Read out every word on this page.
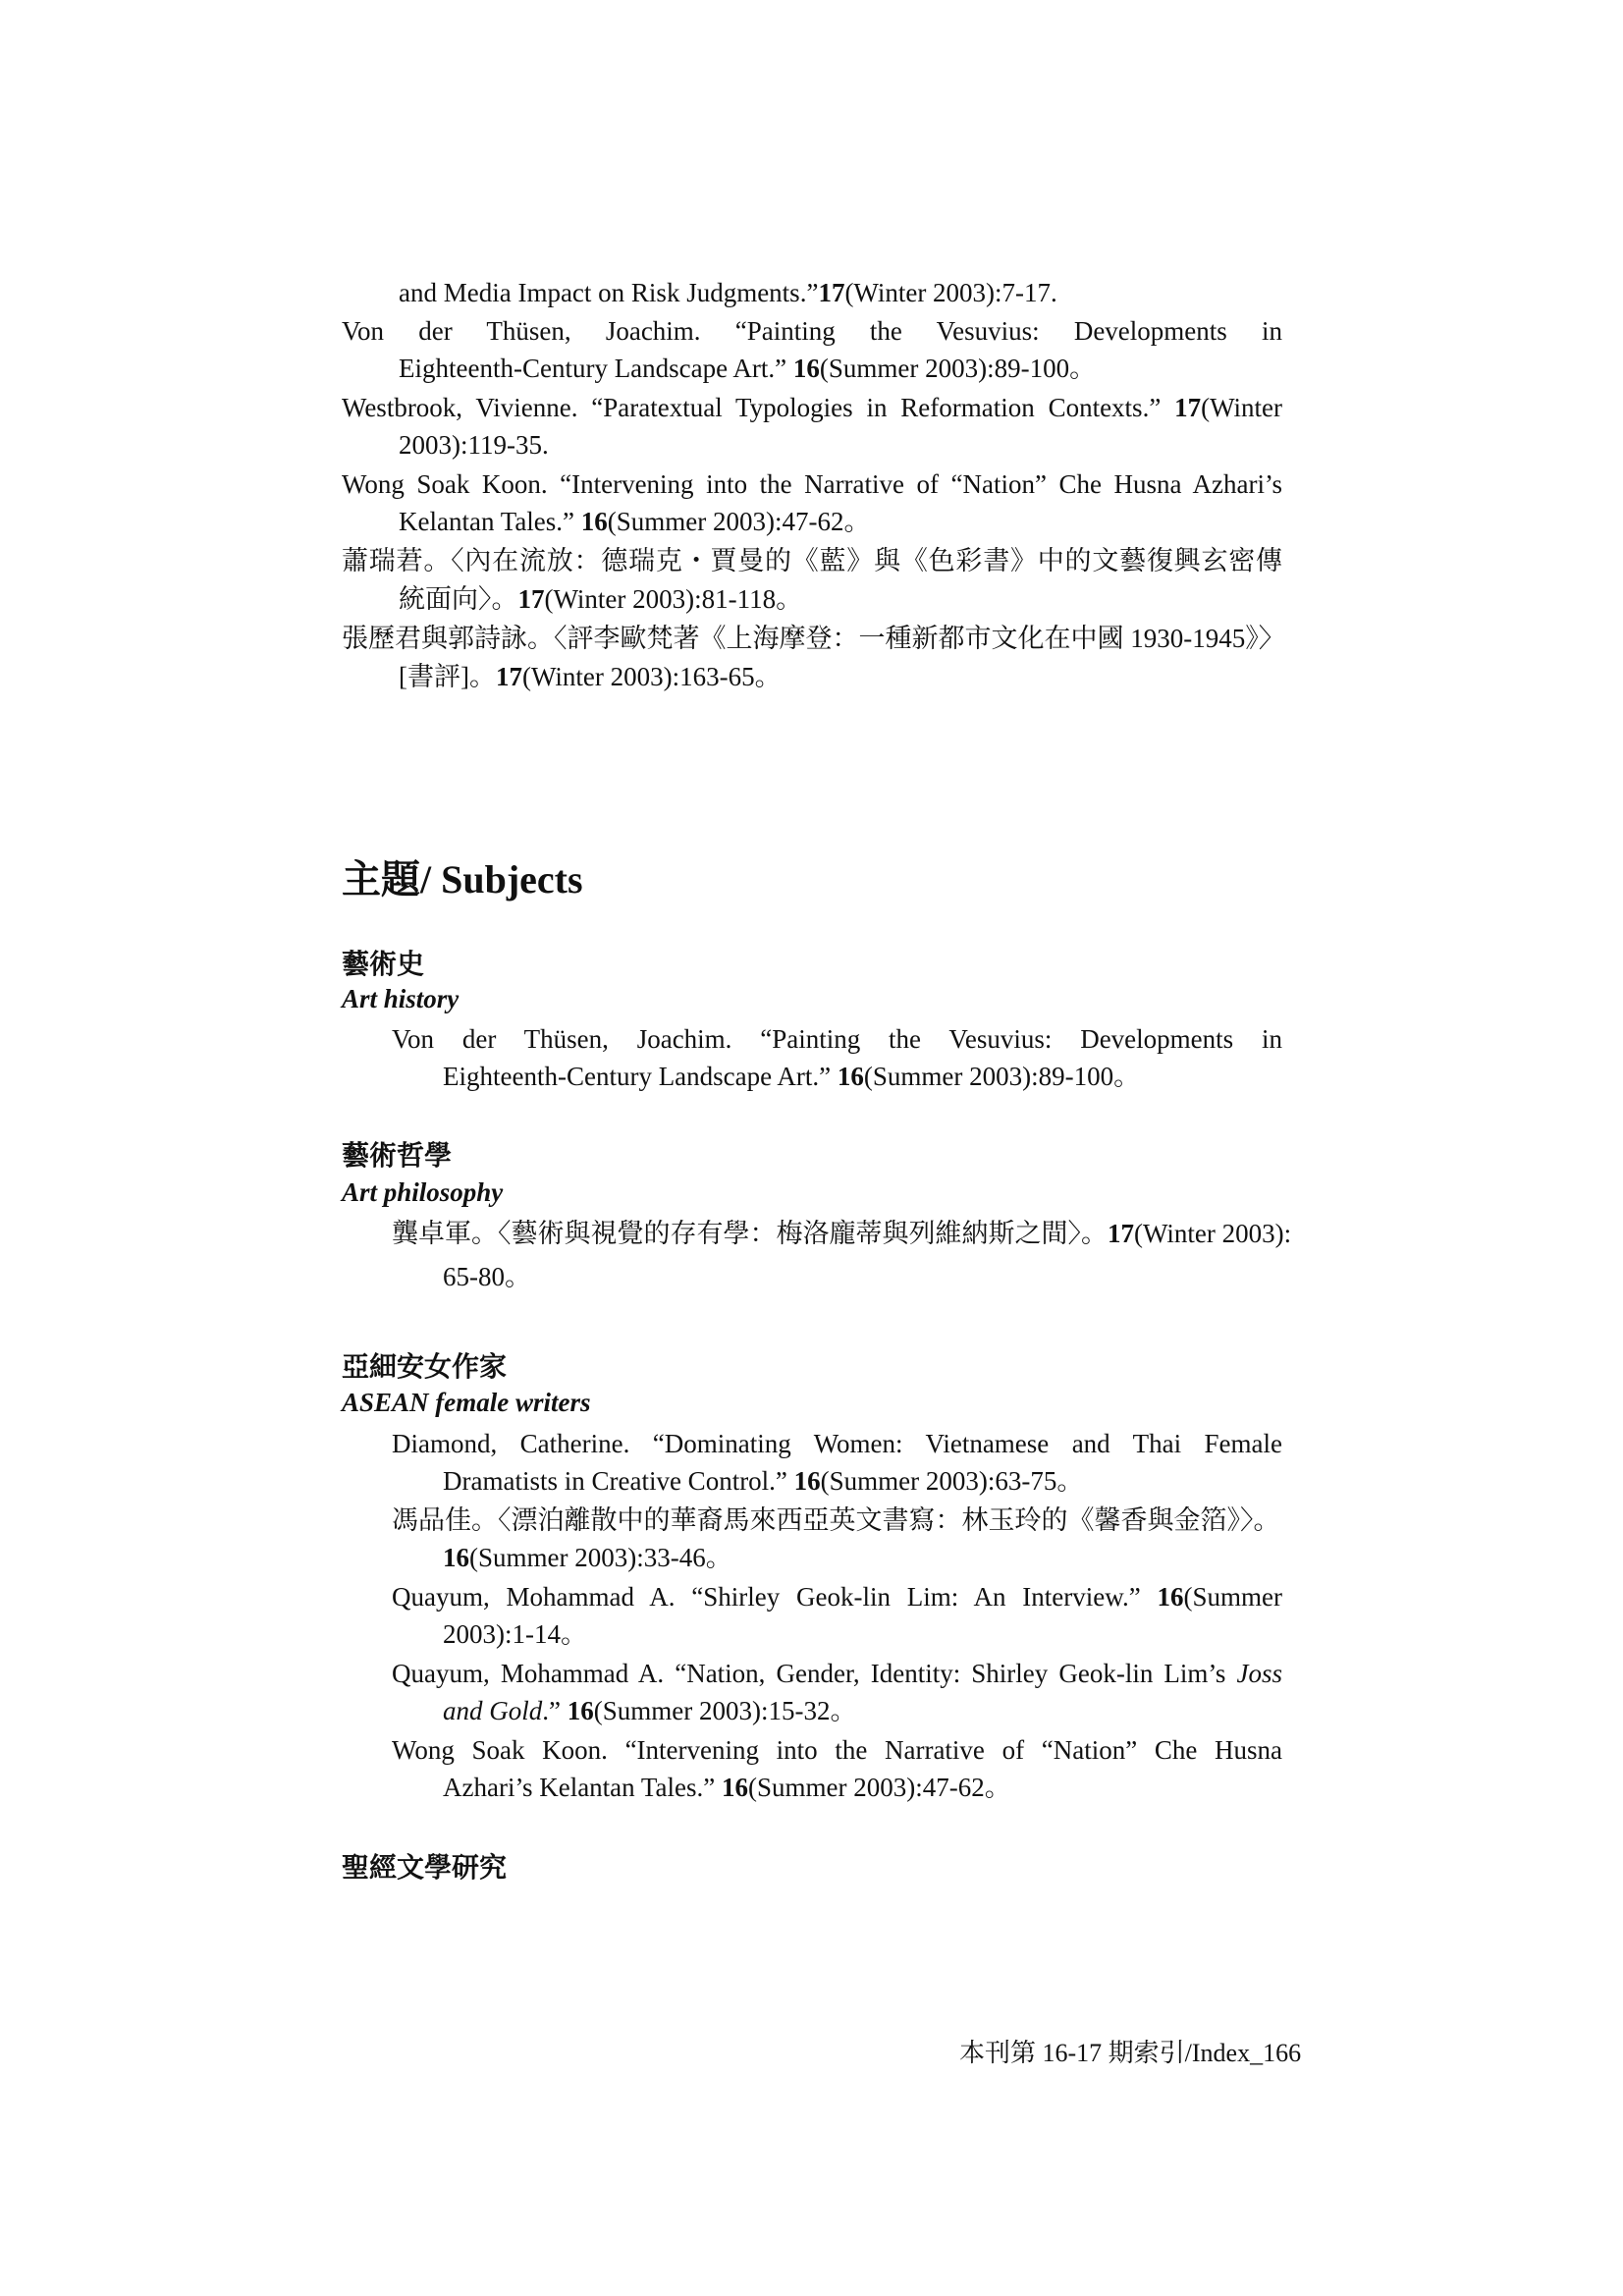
and Media Impact on Risk Judgments.”17(Winter 2003):7-17.
Von der Thüsen, Joachim. “Painting the Vesuvius: Developments in
Eighteenth-Century Landscape Art.” 16(Summer 2003):89-100。
Westbrook, Vivienne. “Paratextual Typologies in Reformation Contexts.” 17(Winter
2003):119-35.
Wong Soak Koon. “Intervening into the Narrative of “Nation” Che Husna Azhari’s
Kelantan Tales.” 16(Summer 2003):47-62。
蕭瑞莙。〈內在流放：德瑞克・賈曼的《藍》與《色彩書》中的文藝復興玄密傳
統面向〉。17(Winter 2003):81-118。
張歷君與郭詩詠。〈評李歐梵著《上海摩登：一種新都市文化在中國 1930-1945》〉
[書評]。17(Winter 2003):163-65。
主題/ Subjects
藝術史
Art history
Von der Thüsen, Joachim. “Painting the Vesuvius: Developments in
Eighteenth-Century Landscape Art.” 16(Summer 2003):89-100。
藝術哲學
Art philosophy
龔卓軍。〈藝術與視覺的存有學：梅洛龐蒂與列維納斯之間〉。17(Winter 2003):
65-80。
亞細安女作家
ASEAN female writers
Diamond, Catherine. “Dominating Women: Vietnamese and Thai Female
Dramatists in Creative Control.” 16(Summer 2003):63-75。
馮品佳。〈漂泊離散中的華裔馬來西亞英文書寫：林玉玲的《馨香與金箔》〉。
16(Summer 2003):33-46。
Quayum, Mohammad A. “Shirley Geok-lin Lim: An Interview.” 16(Summer
2003):1-14。
Quayum, Mohammad A. “Nation, Gender, Identity: Shirley Geok-lin Lim’s Joss
and Gold.” 16(Summer 2003):15-32。
Wong Soak Koon. “Intervening into the Narrative of “Nation” Che Husna
Azhari’s Kelantan Tales.” 16(Summer 2003):47-62。
聖經文學研究
本刊第 16-17 期索引/Index_166
